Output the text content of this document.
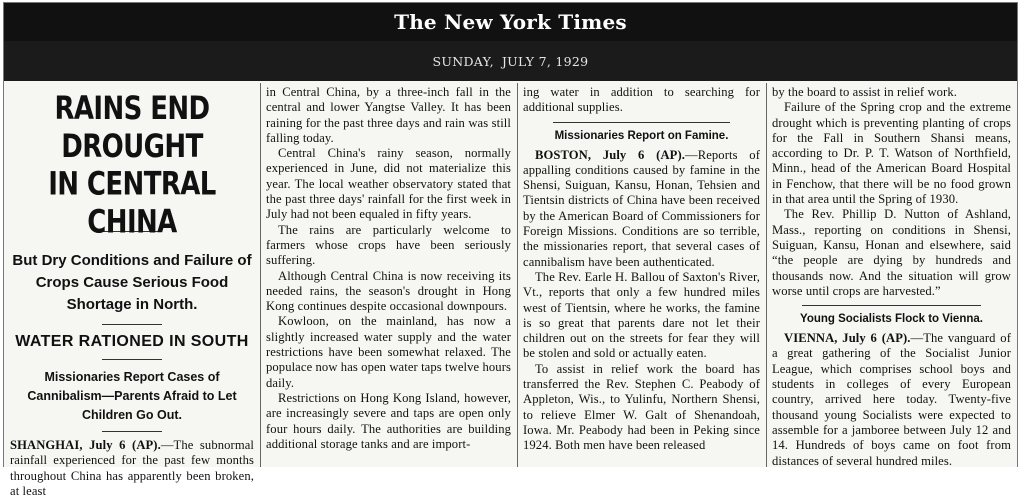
The New York Times
SUNDAY, JULY 7, 1929
RAINS END DROUGHT
IN CENTRAL CHINA
But Dry Conditions and Failure of Crops Cause Serious Food Shortage in North.
WATER RATIONED IN SOUTH
Missionaries Report Cases of Cannibalism—Parents Afraid to Let Children Go Out.

SHANGHAI, July 6 (AP).—The subnormal rainfall experienced for the past few months throughout China has apparently been broken, at least

in Central China, by a three-inch fall in the central and lower Yangtse Valley. It has been raining for the past three days and rain was still falling today.

Central China's rainy season, normally experienced in June, did not materialize this year. The local weather observatory stated that the past three days' rainfall for the first week in July had not been equaled in fifty years.

The rains are particularly welcome to farmers whose crops have been seriously suffering.

Although Central China is now receiving its needed rains, the season's drought in Hong Kong continues despite occasional downpours.

Kowloon, on the mainland, has now a slightly increased water supply and the water restrictions have been somewhat relaxed. The populace now has open water taps twelve hours daily.

Restrictions on Hong Kong Island, however, are increasingly severe and taps are open only four hours daily. The authorities are building additional storage tanks and are import-

ing water in addition to searching for additional supplies.

Missionaries Report on Famine.

BOSTON, July 6 (AP).—Reports of appalling conditions caused by famine in the Shensi, Suiguan, Kansu, Honan, Tehsien and Tientsin districts of China have been received by the American Board of Commissioners for Foreign Missions. Conditions are so terrible, the missionaries report, that several cases of cannibalism have been authenticated.

The Rev. Earle H. Ballou of Saxton's River, Vt., reports that only a few hundred miles west of Tientsin, where he works, the famine is so great that parents dare not let their children out on the streets for fear they will be stolen and sold or actually eaten.

To assist in relief work the board has transferred the Rev. Stephen C. Peabody of Appleton, Wis., to Yulinfu, Northern Shensi, to relieve Elmer W. Galt of Shenandoah, Iowa. Mr. Peabody had been in Peking since 1924. Both men have been released

by the board to assist in relief work.

Failure of the Spring crop and the extreme drought which is preventing planting of crops for the Fall in Southern Shansi means, according to Dr. P. T. Watson of Northfield, Minn., head of the American Board Hospital in Fenchow, that there will be no food grown in that area until the Spring of 1930.

The Rev. Phillip D. Nutton of Ashland, Mass., reporting on conditions in Shensi, Suiguan, Kansu, Honan and elsewhere, said “the people are dying by hundreds and thousands now. And the situation will grow worse until crops are harvested.”

Young Socialists Flock to Vienna.

VIENNA, July 6 (AP).—The vanguard of a great gathering of the Socialist Junior League, which comprises school boys and students in colleges of every European country, arrived here today. Twenty-five thousand young Socialists were expected to assemble for a jamboree between July 12 and 14. Hundreds of boys came on foot from distances of several hundred miles.
